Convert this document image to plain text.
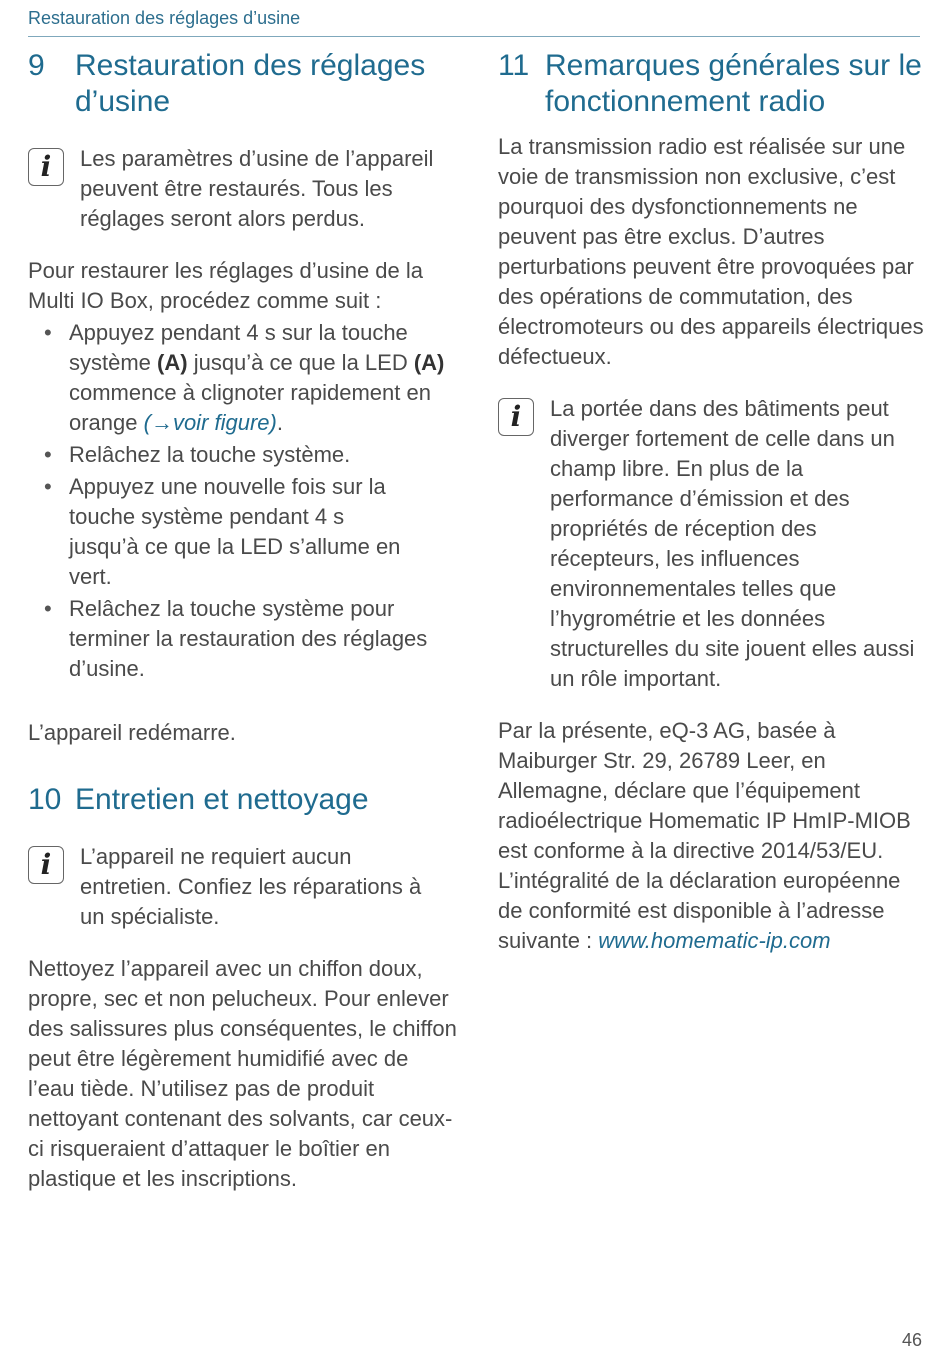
Restauration des réglages d’usine
9	Restauration des réglages d’usine
i	Les paramètres d’usine de l’appareil peuvent être restaurés. Tous les réglages seront alors perdus.

Pour restaurer les réglages d’usine de la Multi IO Box, procédez comme suit :

• Appuyez pendant 4 s sur la touche système (A) jusqu’à ce que la LED (A) commence à clignoter rapidement en orange (→voir figure).
• Relâchez la touche système.
• Appuyez une nouvelle fois sur la touche système pendant 4 s jusqu’à ce que la LED s’allume en vert.
• Relâchez la touche système pour terminer la restauration des réglages d’usine.

L’appareil redémarre.

10 Entretien et nettoyage
i	L’appareil ne requiert aucun entretien. Confiez les réparations à un spécialiste.

Nettoyez l’appareil avec un chiffon doux, propre, sec et non pelucheux. Pour enlever des salissures plus conséquentes, le chiffon peut être légèrement humidifié avec de l’eau tiède. N’utilisez pas de produit nettoyant contenant des solvants, car ceux-ci risqueraient d’attaquer le boîtier en plastique et les inscriptions.

11 Remarques générales sur le fonctionnement radio

La transmission radio est réalisée sur une voie de transmission non exclusive, c’est pourquoi des dysfonctionnements ne peuvent pas être exclus. D’autres perturbations peuvent être provoquées par des opérations de commutation, des électromoteurs ou des appareils électriques défectueux.

i	La portée dans des bâtiments peut diverger fortement de celle dans un champ libre. En plus de la performance d’émission et des propriétés de réception des récepteurs, les influences environnementales telles que l’hygrométrie et les données structurelles du site jouent elles aussi un rôle important.

Par la présente, eQ-3 AG, basée à Maiburger Str. 29, 26789 Leer, en Allemagne, déclare que l’équipement radioélectrique Homematic IP HmIP-MIOB est conforme à la directive 2014/53/EU. L’intégralité de la déclaration européenne de conformité est disponible à l’adresse suivante : www.homematic-ip.com

46
